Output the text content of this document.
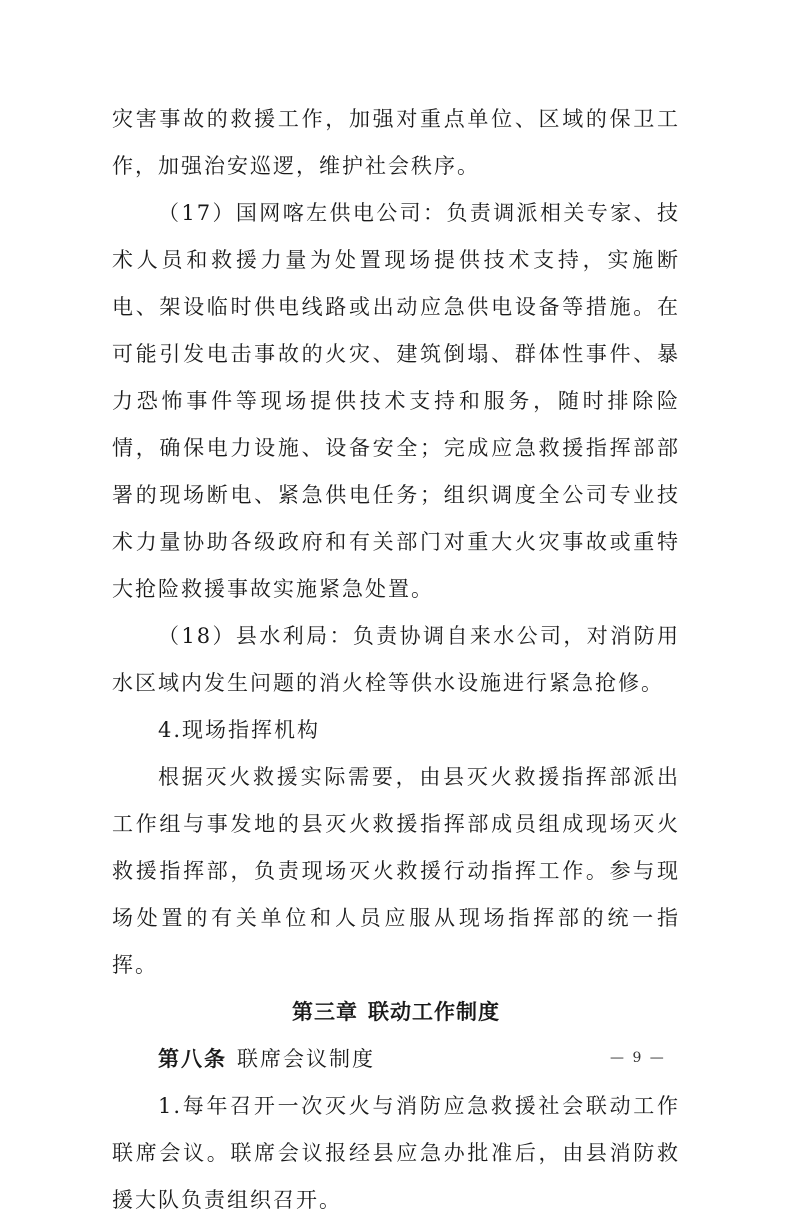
灾害事故的救援工作，加强对重点单位、区域的保卫工作，加强治安巡逻，维护社会秩序。

（17）国网喀左供电公司：负责调派相关专家、技术人员和救援力量为处置现场提供技术支持，实施断电、架设临时供电线路或出动应急供电设备等措施。在可能引发电击事故的火灾、建筑倒塌、群体性事件、暴力恐怖事件等现场提供技术支持和服务，随时排除险情，确保电力设施、设备安全；完成应急救援指挥部部署的现场断电、紧急供电任务；组织调度全公司专业技术力量协助各级政府和有关部门对重大火灾事故或重特大抢险救援事故实施紧急处置。

（18）县水利局：负责协调自来水公司，对消防用水区域内发生问题的消火栓等供水设施进行紧急抢修。

4.现场指挥机构

根据灭火救援实际需要，由县灭火救援指挥部派出工作组与事发地的县灭火救援指挥部成员组成现场灭火救援指挥部，负责现场灭火救援行动指挥工作。参与现场处置的有关单位和人员应服从现场指挥部的统一指挥。

第三章 联动工作制度

第八条 联席会议制度

1.每年召开一次灭火与消防应急救援社会联动工作联席会议。联席会议报经县应急办批准后，由县消防救援大队负责组织召开。

— 9 —
